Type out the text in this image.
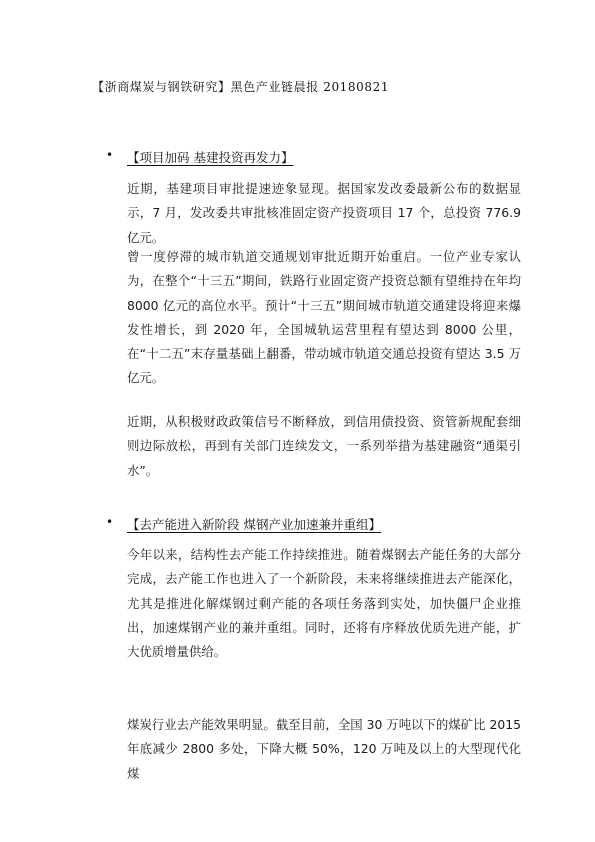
【浙商煤炭与钢铁研究】黑色产业链晨报 20180821
• 【项目加码 基建投资再发力】

近期，基建项目审批提速迹象显现。据国家发改委最新公布的数据显示，7 月，发改委共审批核准固定资产投资项目 17 个，总投资 776.9 亿元。

曾一度停滞的城市轨道交通规划审批近期开始重启。一位产业专家认为，在整个“十三五”期间，铁路行业固定资产投资总额有望维持在年均 8000 亿元的高位水平。预计“十三五”期间城市轨道交通建设将迎来爆发性增长，到 2020 年，全国城轨运营里程有望达到 8000 公里，在“十二五”末存量基础上翻番，带动城市轨道交通总投资有望达 3.5 万亿元。

近期，从积极财政政策信号不断释放，到信用债投资、资管新规配套细则边际放松，再到有关部门连续发文，一系列举措为基建融资“通渠引水”。

• 【去产能进入新阶段 煤钢产业加速兼并重组】

今年以来，结构性去产能工作持续推进。随着煤钢去产能任务的大部分完成，去产能工作也进入了一个新阶段，未来将继续推进去产能深化，尤其是推进化解煤钢过剩产能的各项任务落到实处，加快僵尸企业推出，加速煤钢产业的兼并重组。同时，还将有序释放优质先进产能，扩大优质增量供给。

煤炭行业去产能效果明显。截至目前，全国 30 万吨以下的煤矿比 2015 年底减少 2800 多处，下降大概 50%，120 万吨及以上的大型现代化煤
